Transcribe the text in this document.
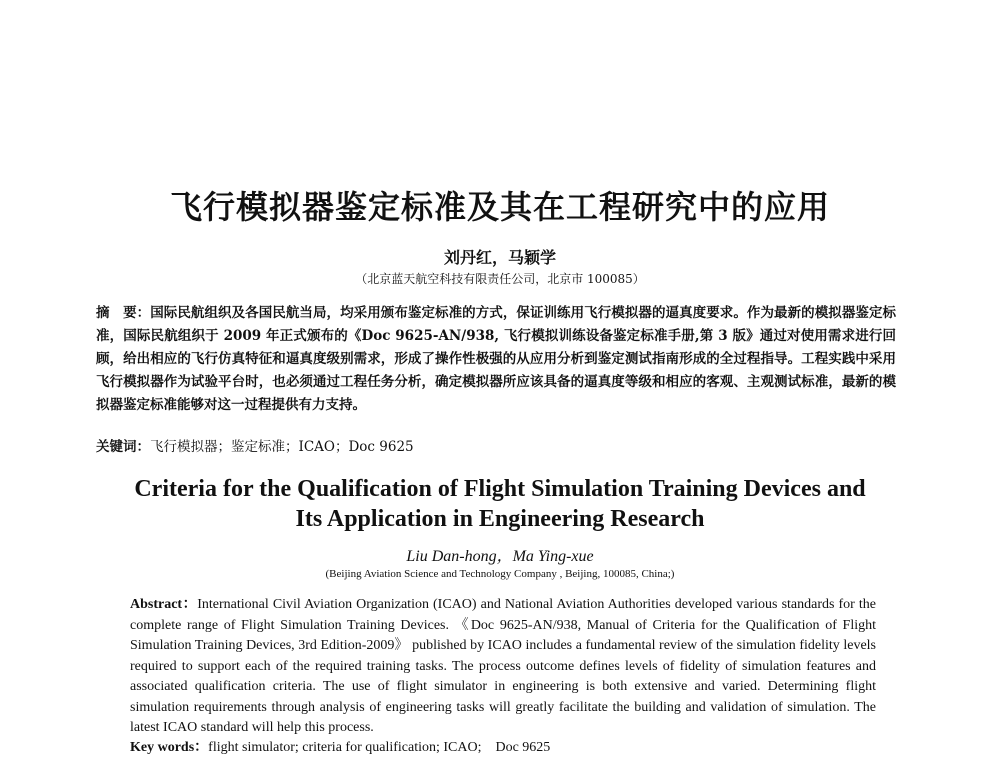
飞行模拟器鉴定标准及其在工程研究中的应用
刘丹红，马颖学
（北京蓝天航空科技有限责任公司，北京市 100085）
摘　要：国际民航组织及各国民航当局，均采用颁布鉴定标准的方式，保证训练用飞行模拟器的逼真度要求。作为最新的模拟器鉴定标准，国际民航组织于 2009 年正式颁布的《Doc 9625-AN/938, 飞行模拟训练设备鉴定标准手册,第 3 版》通过对使用需求进行回顾，给出相应的飞行仿真特征和逼真度级别需求，形成了操作性极强的从应用分析到鉴定测试指南形成的全过程指导。工程实践中采用飞行模拟器作为试验平台时，也必须通过工程任务分析，确定模拟器所应该具备的逼真度等级和相应的客观、主观测试标准，最新的模拟器鉴定标准能够对这一过程提供有力支持。
关键词：飞行模拟器；鉴定标准；ICAO；Doc 9625
Criteria for the Qualification of Flight Simulation Training Devices and
Its Application in Engineering Research
Liu Dan-hong，Ma Ying-xue
(Beijing Aviation Science and Technology Company , Beijing, 100085, China;)
Abstract：International Civil Aviation Organization (ICAO) and National Aviation Authorities developed various standards for the complete range of Flight Simulation Training Devices. 《Doc 9625-AN/938, Manual of Criteria for the Qualification of Flight Simulation Training Devices, 3rd Edition-2009》 published by ICAO includes a fundamental review of the simulation fidelity levels required to support each of the required training tasks. The process outcome defines levels of fidelity of simulation features and associated qualification criteria. The use of flight simulator in engineering is both extensive and varied. Determining flight simulation requirements through analysis of engineering tasks will greatly facilitate the building and validation of simulation. The latest ICAO standard will help this process.
Key words：flight simulator; criteria for qualification; ICAO;　Doc 9625
